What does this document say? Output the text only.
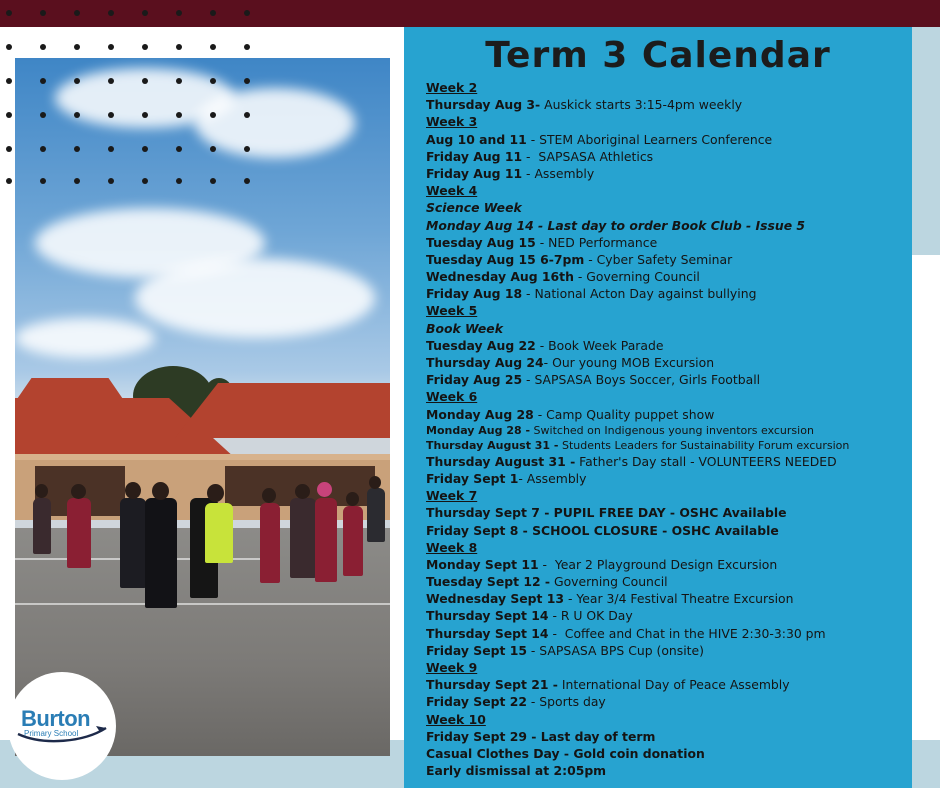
Burton
Primary School
Term 3 Calendar
Week 2
Thursday Aug 3- Auskick starts 3:15-4pm weekly
Week 3
Aug 10 and 11 - STEM Aboriginal Learners Conference
Friday Aug 11 -  SAPSASA Athletics
Friday Aug 11 - Assembly
Week 4
Science Week
Monday Aug 14 - Last day to order Book Club - Issue 5
Tuesday Aug 15 - NED Performance
Tuesday Aug 15 6-7pm - Cyber Safety Seminar
Wednesday Aug 16th - Governing Council
Friday Aug 18 - National Acton Day against bullying
Week 5
Book Week
Tuesday Aug 22 - Book Week Parade
Thursday Aug 24- Our young MOB Excursion
Friday Aug 25 - SAPSASA Boys Soccer, Girls Football
Week 6
Monday Aug 28 - Camp Quality puppet show
Monday Aug 28 - Switched on Indigenous young inventors excursion
Thursday August 31 - Students Leaders for Sustainability Forum excursion
Thursday August 31 - Father's Day stall - VOLUNTEERS NEEDED
Friday Sept 1- Assembly
Week 7
Thursday Sept 7 - PUPIL FREE DAY - OSHC Available
Friday Sept 8 - SCHOOL CLOSURE - OSHC Available
Week 8
Monday Sept 11 -  Year 2 Playground Design Excursion
Tuesday Sept 12 - Governing Council
Wednesday Sept 13 - Year 3/4 Festival Theatre Excursion
Thursday Sept 14 - R U OK Day
Thursday Sept 14 -  Coffee and Chat in the HIVE 2:30-3:30 pm
Friday Sept 15 - SAPSASA BPS Cup (onsite)
Week 9
Thursday Sept 21 - International Day of Peace Assembly
Friday Sept 22 - Sports day
Week 10
Friday Sept 29 - Last day of term
Casual Clothes Day - Gold coin donation
Early dismissal at 2:05pm
